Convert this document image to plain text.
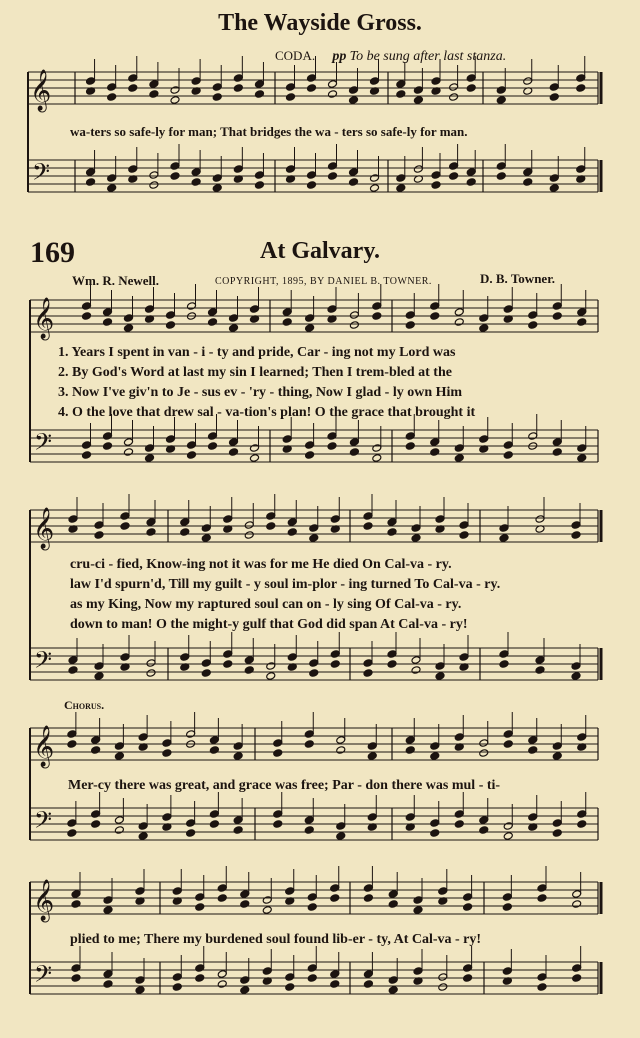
The Wayside Gross.
CODA. pp To be sung after last stanza.
wa-ters so safe-ly for man; That bridges the wa - ters so safe-ly for man.
169	At Galvary.
Wm. R. Newell.	COPYRIGHT, 1895, BY DANIEL B. TOWNER.	D. B. Towner.
1. Years I spent in van - i - ty and pride, Car - ing not my Lord was
2. By God's Word at last my sin I learned; Then I trem-bled at the
3. Now I've giv'n to Je - sus ev - 'ry - thing, Now I glad - ly own Him
4. O the love that drew sal - va-tion's plan! O the grace that brought it
cru-ci - fied, Know-ing not it was for me He died On Cal-va - ry.
law I'd spurn'd, Till my guilt - y soul im-plor - ing turned To Cal-va - ry.
as my King, Now my raptured soul can on - ly sing Of Cal-va - ry.
down to man! O the might-y gulf that God did span At Cal-va - ry!
Chorus.
Mer-cy there was great, and grace was free; Par - don there was mul - ti-
plied to me; There my burdened soul found lib-er - ty, At Cal-va - ry!
𝄞
𝄢
𝄞
𝄢
𝄞
𝄢
𝄞
𝄢
𝄞
𝄢
